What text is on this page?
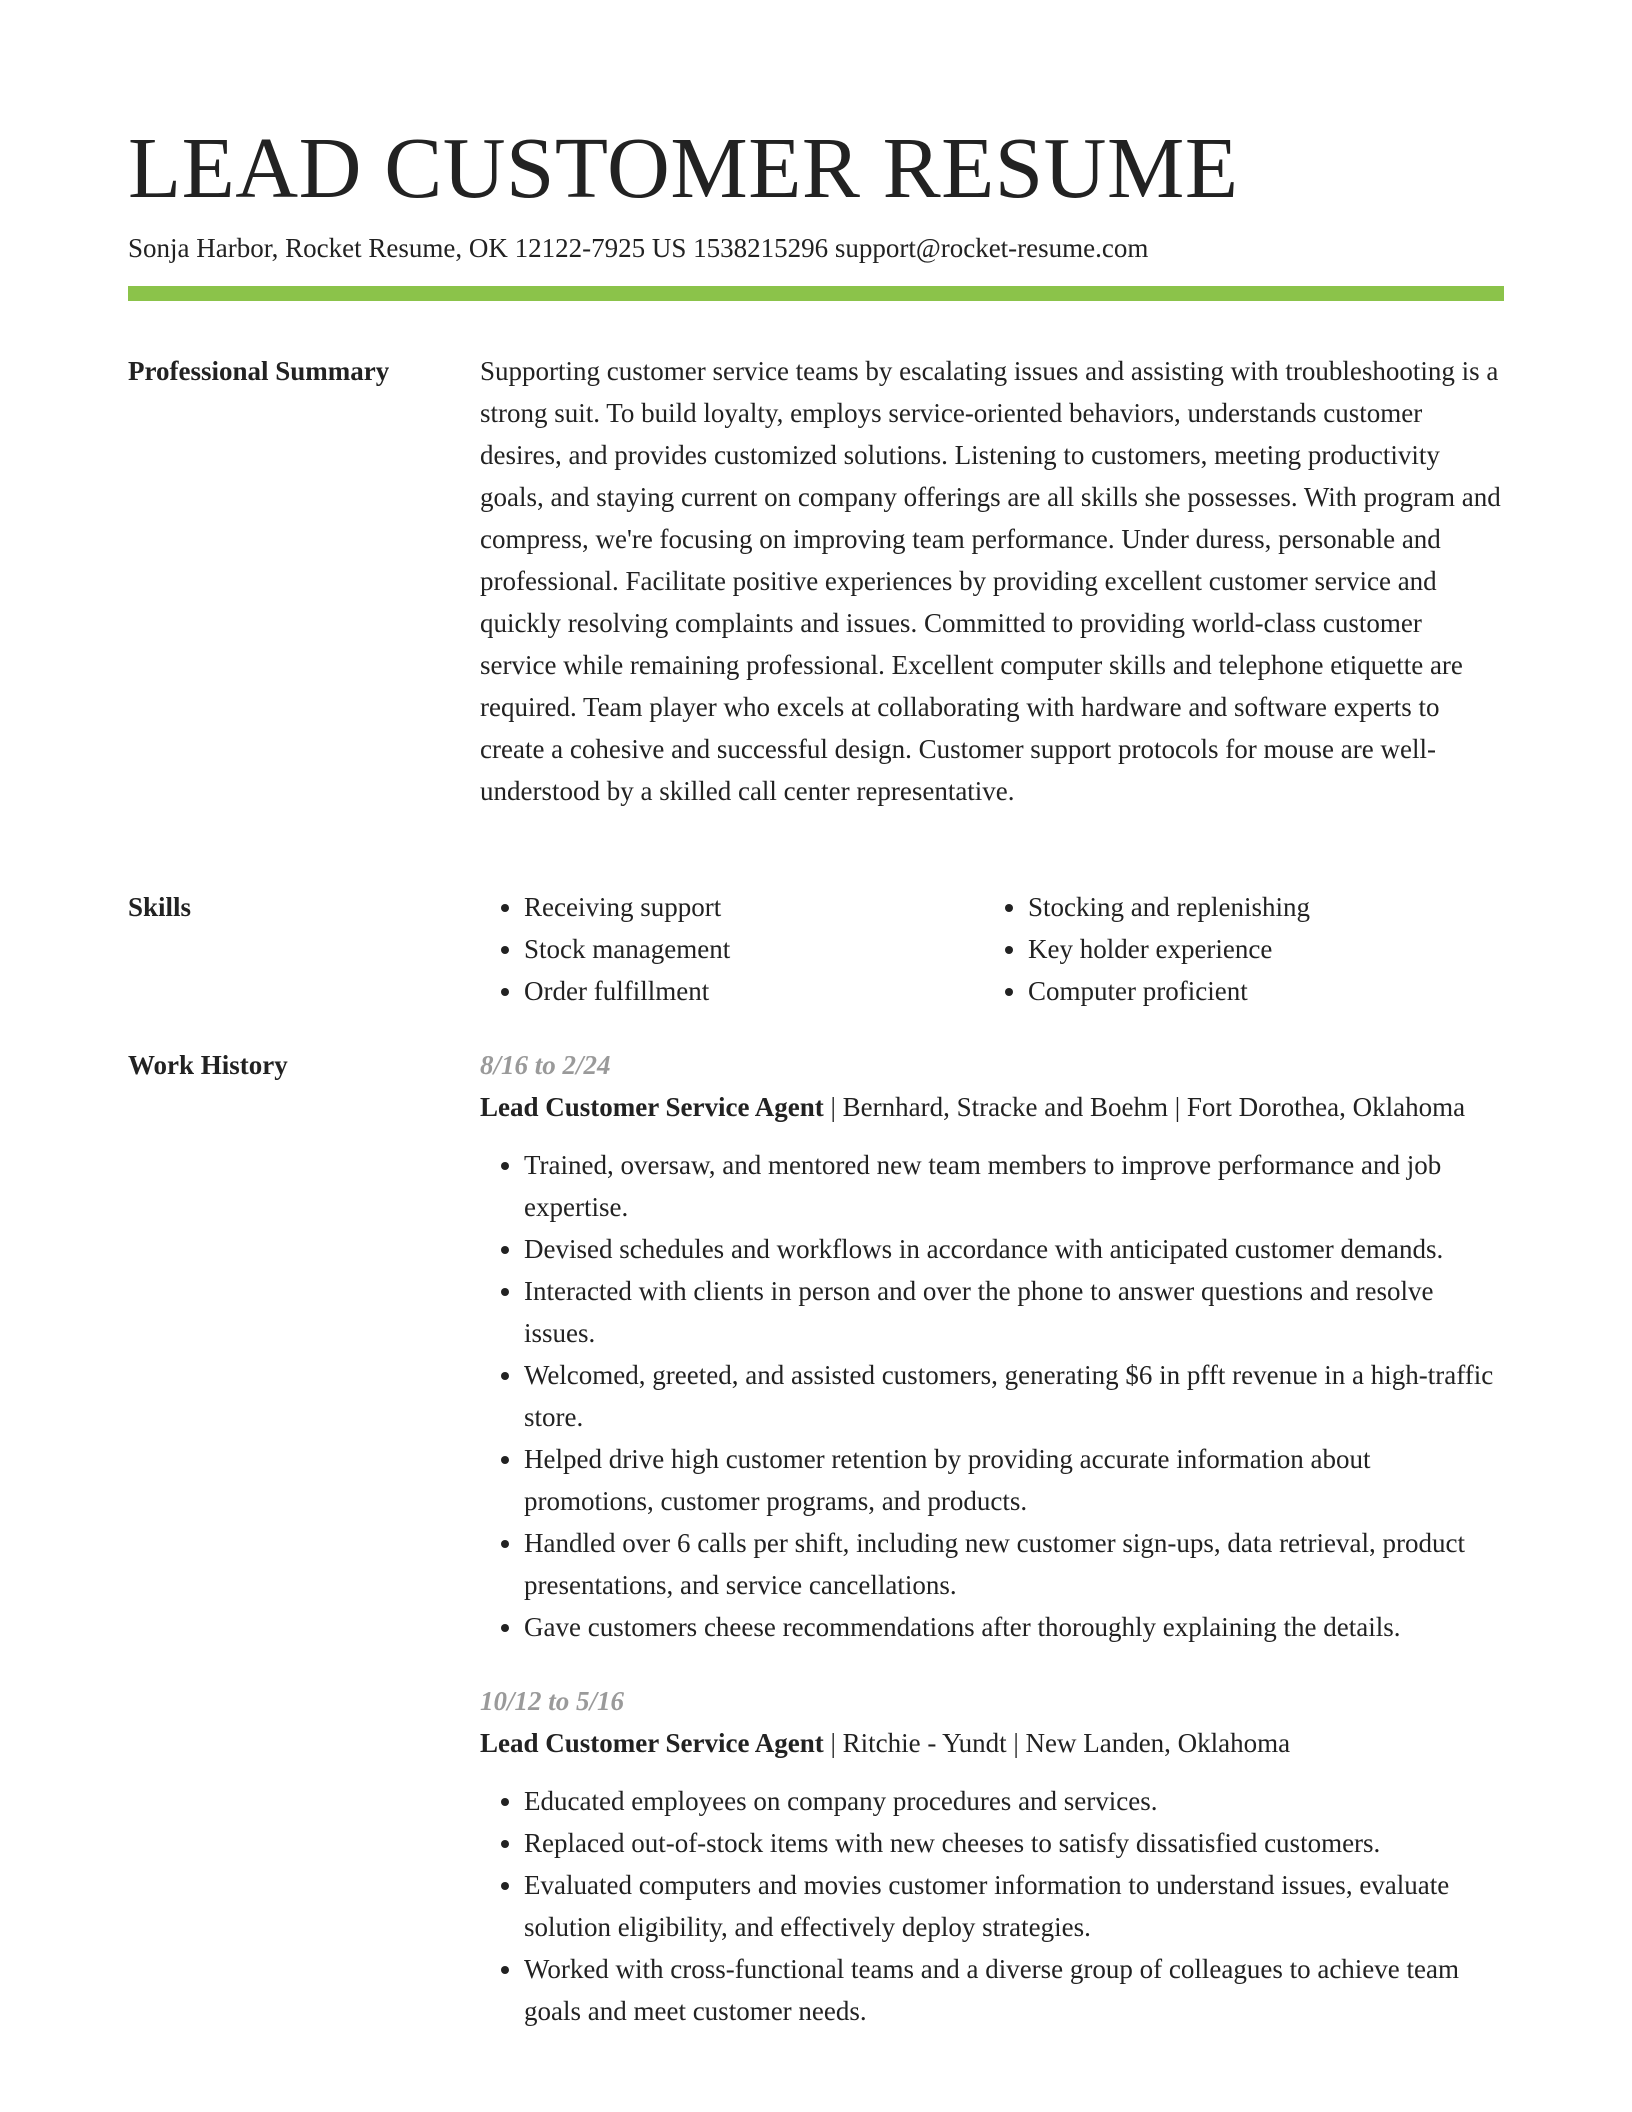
LEAD CUSTOMER RESUME
Sonja Harbor, Rocket Resume, OK 12122-7925 US 1538215296 support@rocket-resume.com
Professional Summary	Supporting customer service teams by escalating issues and assisting with troubleshooting is a strong suit. To build loyalty, employs service-oriented behaviors, understands customer desires, and provides customized solutions. Listening to customers, meeting productivity goals, and staying current on company offerings are all skills she possesses. With program and compress, we're focusing on improving team performance. Under duress, personable and professional. Facilitate positive experiences by providing excellent customer service and quickly resolving complaints and issues. Committed to providing world-class customer service while remaining professional. Excellent computer skills and telephone etiquette are required. Team player who excels at collaborating with hardware and software experts to create a cohesive and successful design. Customer support protocols for mouse are well-understood by a skilled call center representative.

Skills
•	Receiving support
• Stock management
• Order fulfillment
• Stocking and replenishing
• Key holder experience
• Computer proficient
Work History	8/16 to 2/24
Lead Customer Service Agent | Bernhard, Stracke and Boehm | Fort Dorothea, Oklahoma
• Trained, oversaw, and mentored new team members to improve performance and job expertise.
• Devised schedules and workflows in accordance with anticipated customer demands.
• Interacted with clients in person and over the phone to answer questions and resolve issues.
• Welcomed, greeted, and assisted customers, generating $6 in pfft revenue in a high-traffic store.
• Helped drive high customer retention by providing accurate information about promotions, customer programs, and products.
• Handled over 6 calls per shift, including new customer sign-ups, data retrieval, product presentations, and service cancellations.
• Gave customers cheese recommendations after thoroughly explaining the details.
10/12 to 5/16
Lead Customer Service Agent | Ritchie - Yundt | New Landen, Oklahoma
• Educated employees on company procedures and services.
• Replaced out-of-stock items with new cheeses to satisfy dissatisfied customers.
• Evaluated computers and movies customer information to understand issues, evaluate solution eligibility, and effectively deploy strategies.
• Worked with cross-functional teams and a diverse group of colleagues to achieve team goals and meet customer needs.
